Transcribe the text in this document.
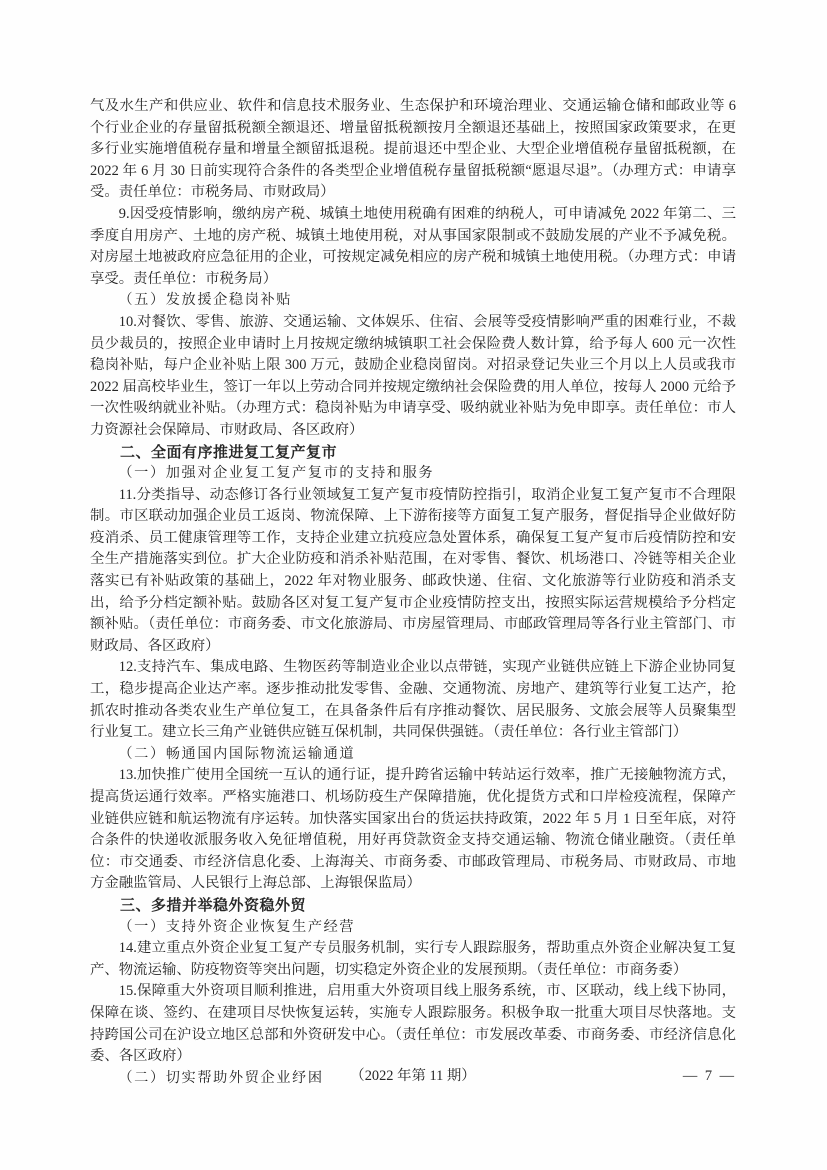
气及水生产和供应业、软件和信息技术服务业、生态保护和环境治理业、交通运输仓储和邮政业等 6 个行业企业的存量留抵税额全额退还、增量留抵税额按月全额退还基础上，按照国家政策要求，在更多行业实施增值税存量和增量全额留抵退税。提前退还中型企业、大型企业增值税存量留抵税额，在 2022 年 6 月 30 日前实现符合条件的各类型企业增值税存量留抵税额“愿退尽退”。（办理方式：申请享受。责任单位：市税务局、市财政局）

9.因受疫情影响，缴纳房产税、城镇土地使用税确有困难的纳税人，可申请减免 2022 年第二、三季度自用房产、土地的房产税、城镇土地使用税，对从事国家限制或不鼓励发展的产业不予减免税。对房屋土地被政府应急征用的企业，可按规定减免相应的房产税和城镇土地使用税。（办理方式：申请享受。责任单位：市税务局）

（五）发放援企稳岗补贴

10.对餐饮、零售、旅游、交通运输、文体娱乐、住宿、会展等受疫情影响严重的困难行业，不裁员少裁员的，按照企业申请时上月按规定缴纳城镇职工社会保险费人数计算，给予每人 600 元一次性稳岗补贴，每户企业补贴上限 300 万元，鼓励企业稳岗留岗。对招录登记失业三个月以上人员或我市 2022 届高校毕业生，签订一年以上劳动合同并按规定缴纳社会保险费的用人单位，按每人 2000 元给予一次性吸纳就业补贴。（办理方式：稳岗补贴为申请享受、吸纳就业补贴为免申即享。责任单位：市人力资源社会保障局、市财政局、各区政府）

二、全面有序推进复工复产复市

（一）加强对企业复工复产复市的支持和服务

11.分类指导、动态修订各行业领域复工复产复市疫情防控指引，取消企业复工复产复市不合理限制。市区联动加强企业员工返岗、物流保障、上下游衔接等方面复工复产服务，督促指导企业做好防疫消杀、员工健康管理等工作，支持企业建立抗疫应急处置体系，确保复工复产复市后疫情防控和安全生产措施落实到位。扩大企业防疫和消杀补贴范围，在对零售、餐饮、机场港口、冷链等相关企业落实已有补贴政策的基础上，2022 年对物业服务、邮政快递、住宿、文化旅游等行业防疫和消杀支出，给予分档定额补贴。鼓励各区对复工复产复市企业疫情防控支出，按照实际运营规模给予分档定额补贴。（责任单位：市商务委、市文化旅游局、市房屋管理局、市邮政管理局等各行业主管部门、市财政局、各区政府）

12.支持汽车、集成电路、生物医药等制造业企业以点带链，实现产业链供应链上下游企业协同复工，稳步提高企业达产率。逐步推动批发零售、金融、交通物流、房地产、建筑等行业复工达产，抢抓农时推动各类农业生产单位复工，在具备条件后有序推动餐饮、居民服务、文旅会展等人员聚集型行业复工。建立长三角产业链供应链互保机制，共同保供强链。（责任单位：各行业主管部门）

（二）畅通国内国际物流运输通道

13.加快推广使用全国统一互认的通行证，提升跨省运输中转站运行效率，推广无接触物流方式，提高货运通行效率。严格实施港口、机场防疫生产保障措施，优化提货方式和口岸检疫流程，保障产业链供应链和航运物流有序运转。加快落实国家出台的货运扶持政策，2022 年 5 月 1 日至年底，对符合条件的快递收派服务收入免征增值税，用好再贷款资金支持交通运输、物流仓储业融资。（责任单位：市交通委、市经济信息化委、上海海关、市商务委、市邮政管理局、市税务局、市财政局、市地方金融监管局、人民银行上海总部、上海银保监局）

三、多措并举稳外资稳外贸

（一）支持外资企业恢复生产经营

14.建立重点外资企业复工复产专员服务机制，实行专人跟踪服务，帮助重点外资企业解决复工复产、物流运输、防疫物资等突出问题，切实稳定外资企业的发展预期。（责任单位：市商务委）

15.保障重大外资项目顺利推进，启用重大外资项目线上服务系统，市、区联动，线上线下协同，保障在谈、签约、在建项目尽快恢复运转，实施专人跟踪服务。积极争取一批重大项目尽快落地。支持跨国公司在沪设立地区总部和外资研发中心。（责任单位：市发展改革委、市商务委、市经济信息化委、各区政府）

（二）切实帮助外贸企业纾困	（2022 年第 11 期）	— 7 —
